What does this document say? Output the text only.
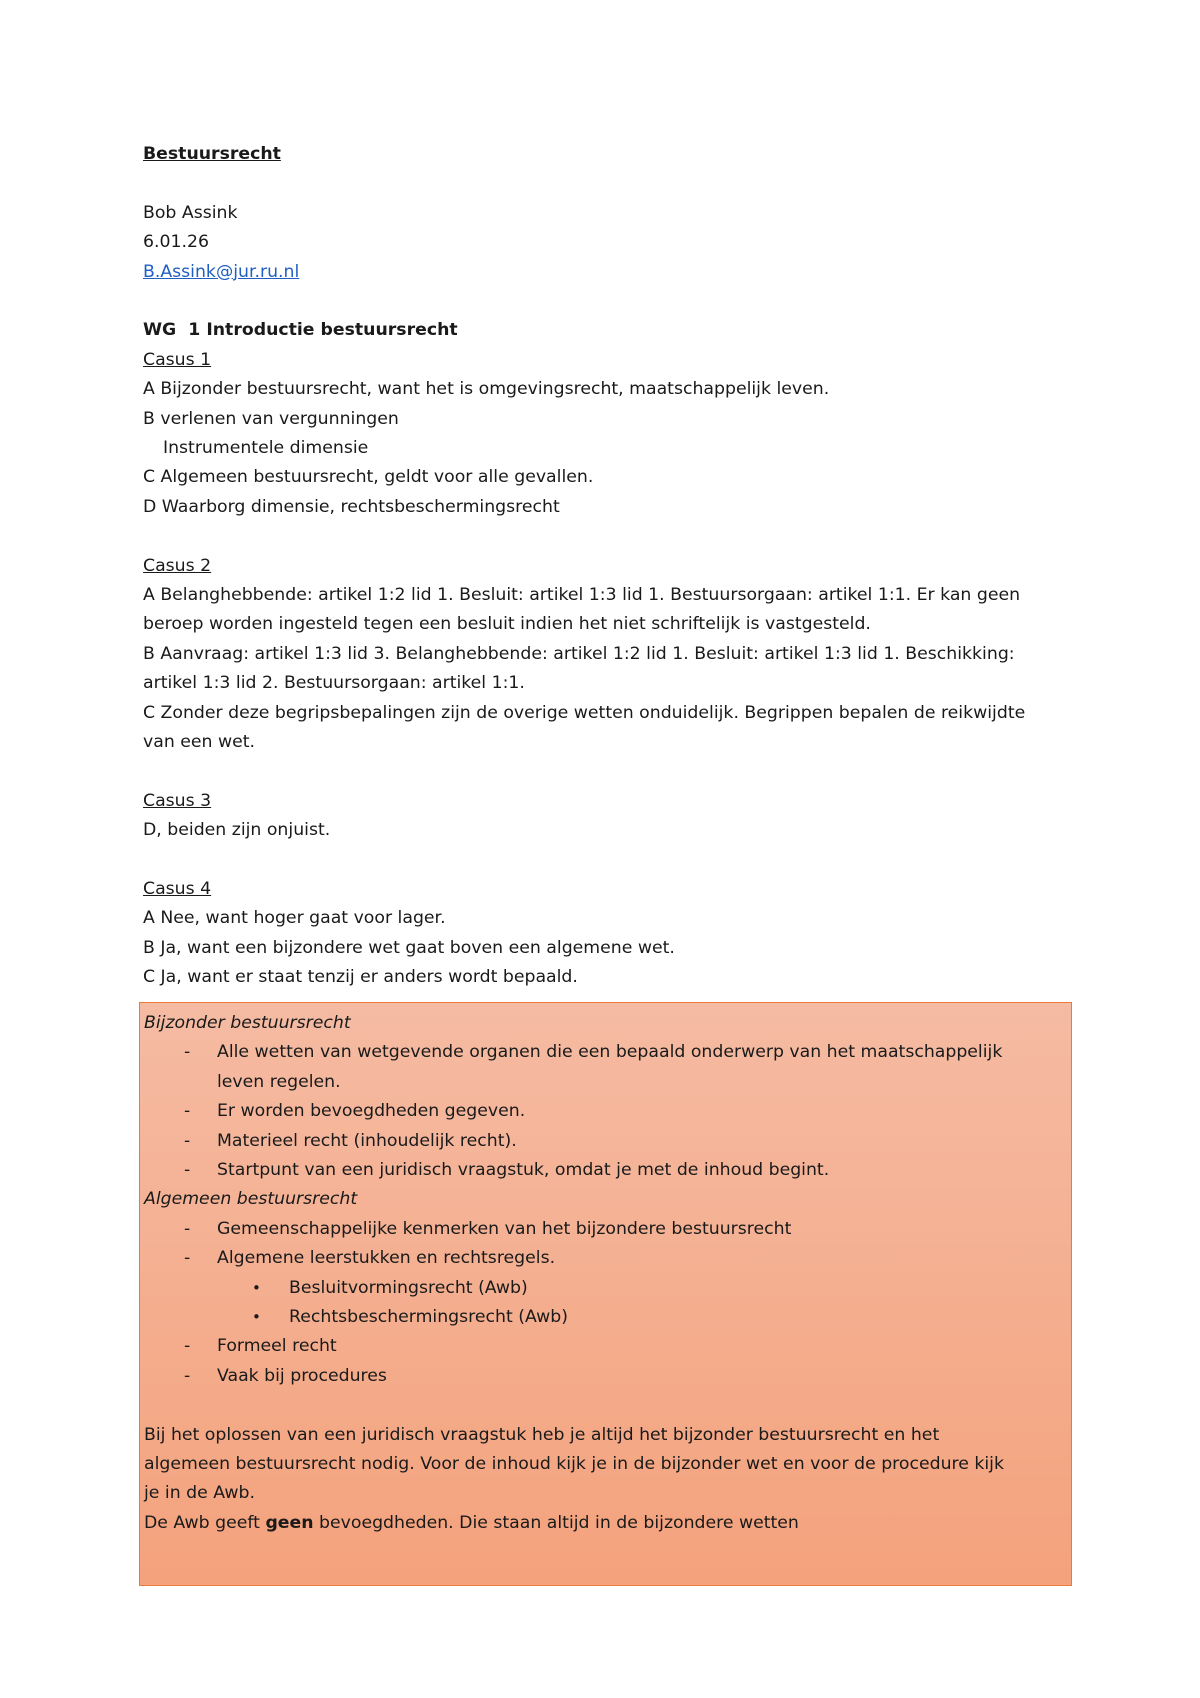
Bestuursrecht

Bob Assink

6.01.26

B.Assink@jur.ru.nl

WG  1 Introductie bestuursrecht

Casus 1

A Bijzonder bestuursrecht, want het is omgevingsrecht, maatschappelijk leven.

B verlenen van vergunningen

Instrumentele dimensie

C Algemeen bestuursrecht, geldt voor alle gevallen.

D Waarborg dimensie, rechtsbeschermingsrecht

Casus 2

A Belanghebbende: artikel 1:2 lid 1. Besluit: artikel 1:3 lid 1. Bestuursorgaan: artikel 1:1. Er kan geen

beroep worden ingesteld tegen een besluit indien het niet schriftelijk is vastgesteld.

B Aanvraag: artikel 1:3 lid 3. Belanghebbende: artikel 1:2 lid 1. Besluit: artikel 1:3 lid 1. Beschikking:

artikel 1:3 lid 2. Bestuursorgaan: artikel 1:1.

C Zonder deze begripsbepalingen zijn de overige wetten onduidelijk. Begrippen bepalen de reikwijdte

van een wet.

Casus 3

D, beiden zijn onjuist.

Casus 4

A Nee, want hoger gaat voor lager.

B Ja, want een bijzondere wet gaat boven een algemene wet.

C Ja, want er staat tenzij er anders wordt bepaald.

Bijzonder bestuursrecht

- Alle wetten van wetgevende organen die een bepaald onderwerp van het maatschappelijk leven regelen.
- Er worden bevoegdheden gegeven.
- Materieel recht (inhoudelijk recht).
- Startpunt van een juridisch vraagstuk, omdat je met de inhoud begint.

Algemeen bestuursrecht

- Gemeenschappelijke kenmerken van het bijzondere bestuursrecht
- Algemene leerstukken en rechtsregels.
• Besluitvormingsrecht (Awb)
• Rechtsbeschermingsrecht (Awb)
- Formeel recht
- Vaak bij procedures

Bij het oplossen van een juridisch vraagstuk heb je altijd het bijzonder bestuursrecht en het

algemeen bestuursrecht nodig. Voor de inhoud kijk je in de bijzonder wet en voor de procedure kijk

je in de Awb.

De Awb geeft geen bevoegdheden. Die staan altijd in de bijzondere wetten
